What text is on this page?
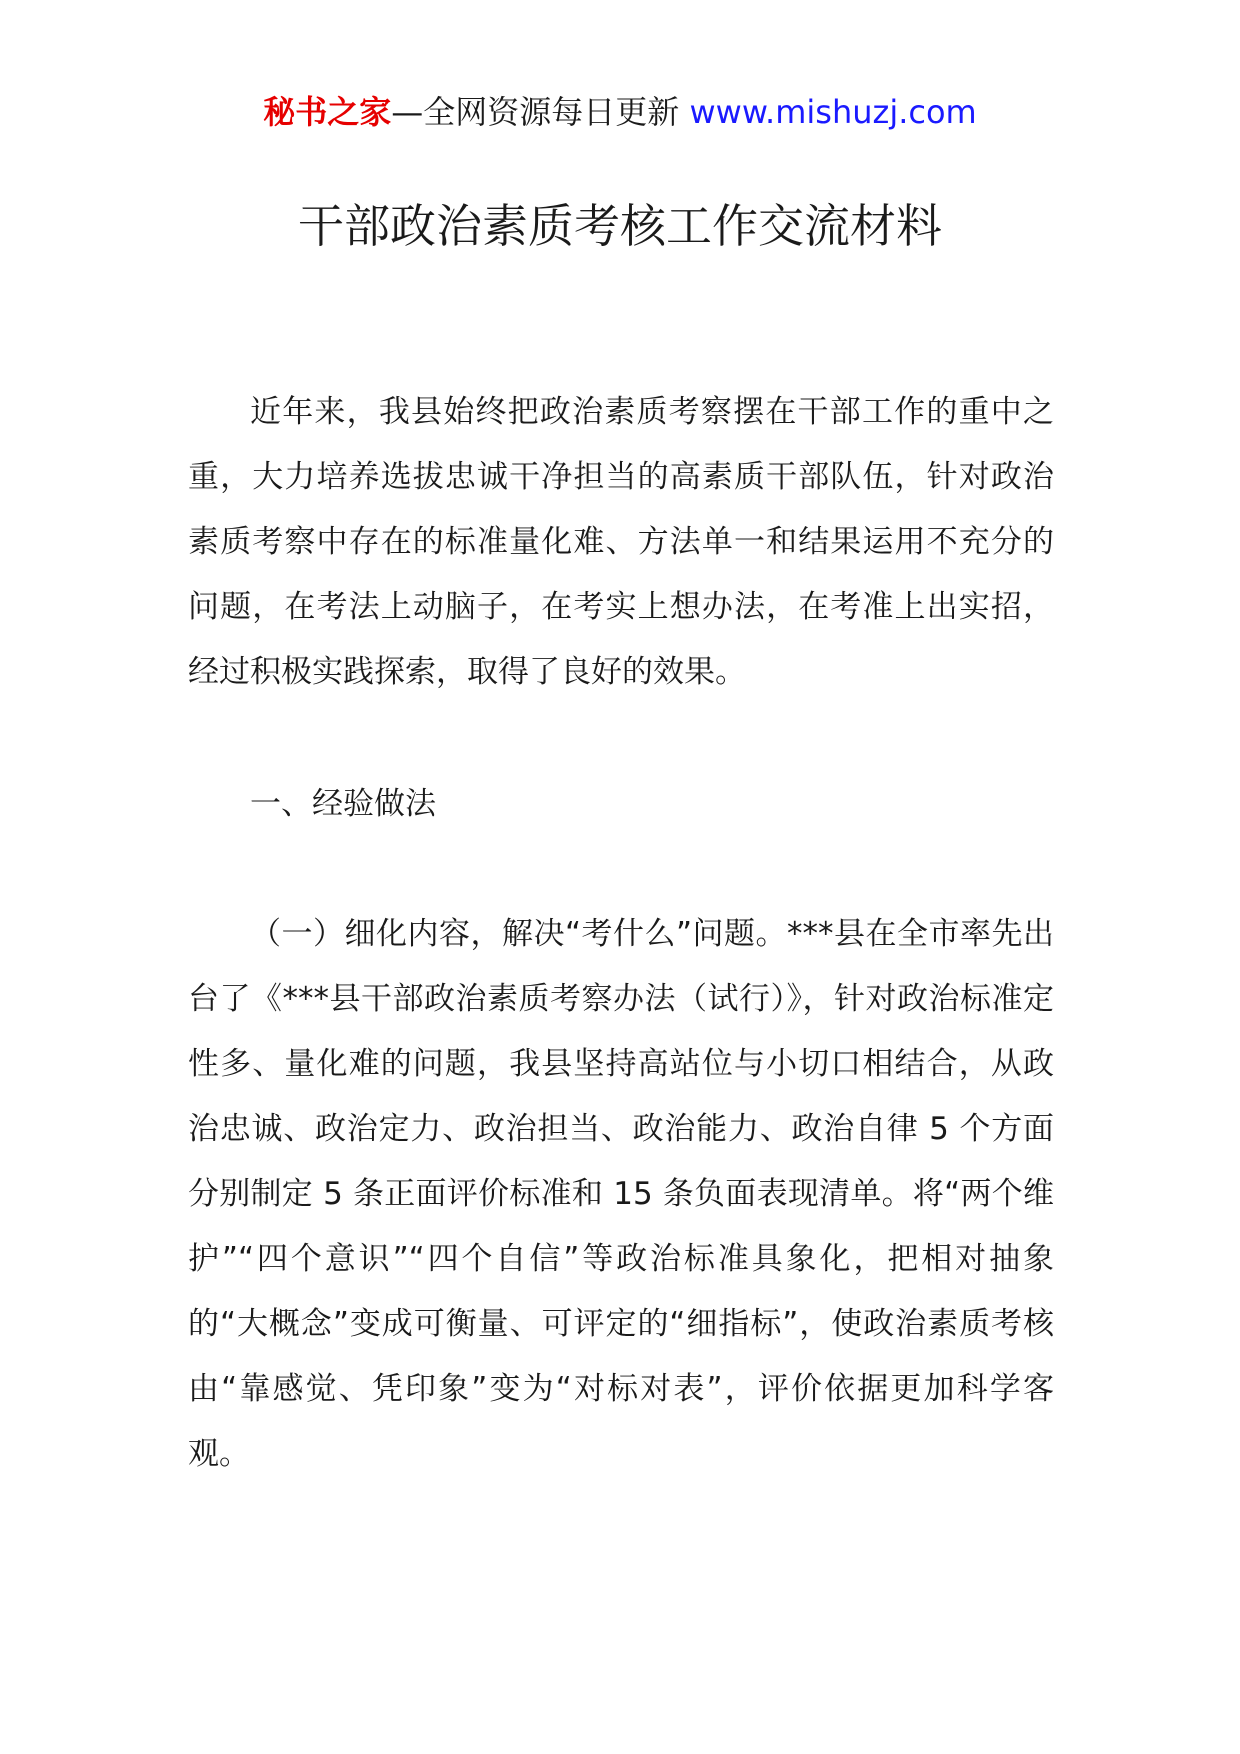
秘书之家—全网资源每日更新 www.mishuzj.com
干部政治素质考核工作交流材料

近年来，我县始终把政治素质考察摆在干部工作的重中之重，大力培养选拔忠诚干净担当的高素质干部队伍，针对政治素质考察中存在的标准量化难、方法单一和结果运用不充分的问题，在考法上动脑子，在考实上想办法，在考准上出实招，经过积极实践探索，取得了良好的效果。

一、经验做法

（一）细化内容，解决“考什么”问题。***县在全市率先出台了《***县干部政治素质考察办法（试行）》，针对政治标准定性多、量化难的问题，我县坚持高站位与小切口相结合，从政治忠诚、政治定力、政治担当、政治能力、政治自律 5 个方面分别制定 5 条正面评价标准和 15 条负面表现清单。将“两个维护”“四个意识”“四个自信”等政治标准具象化，把相对抽象的“大概念”变成可衡量、可评定的“细指标”，使政治素质考核由“靠感觉、凭印象”变为“对标对表”，评价依据更加科学客观。
